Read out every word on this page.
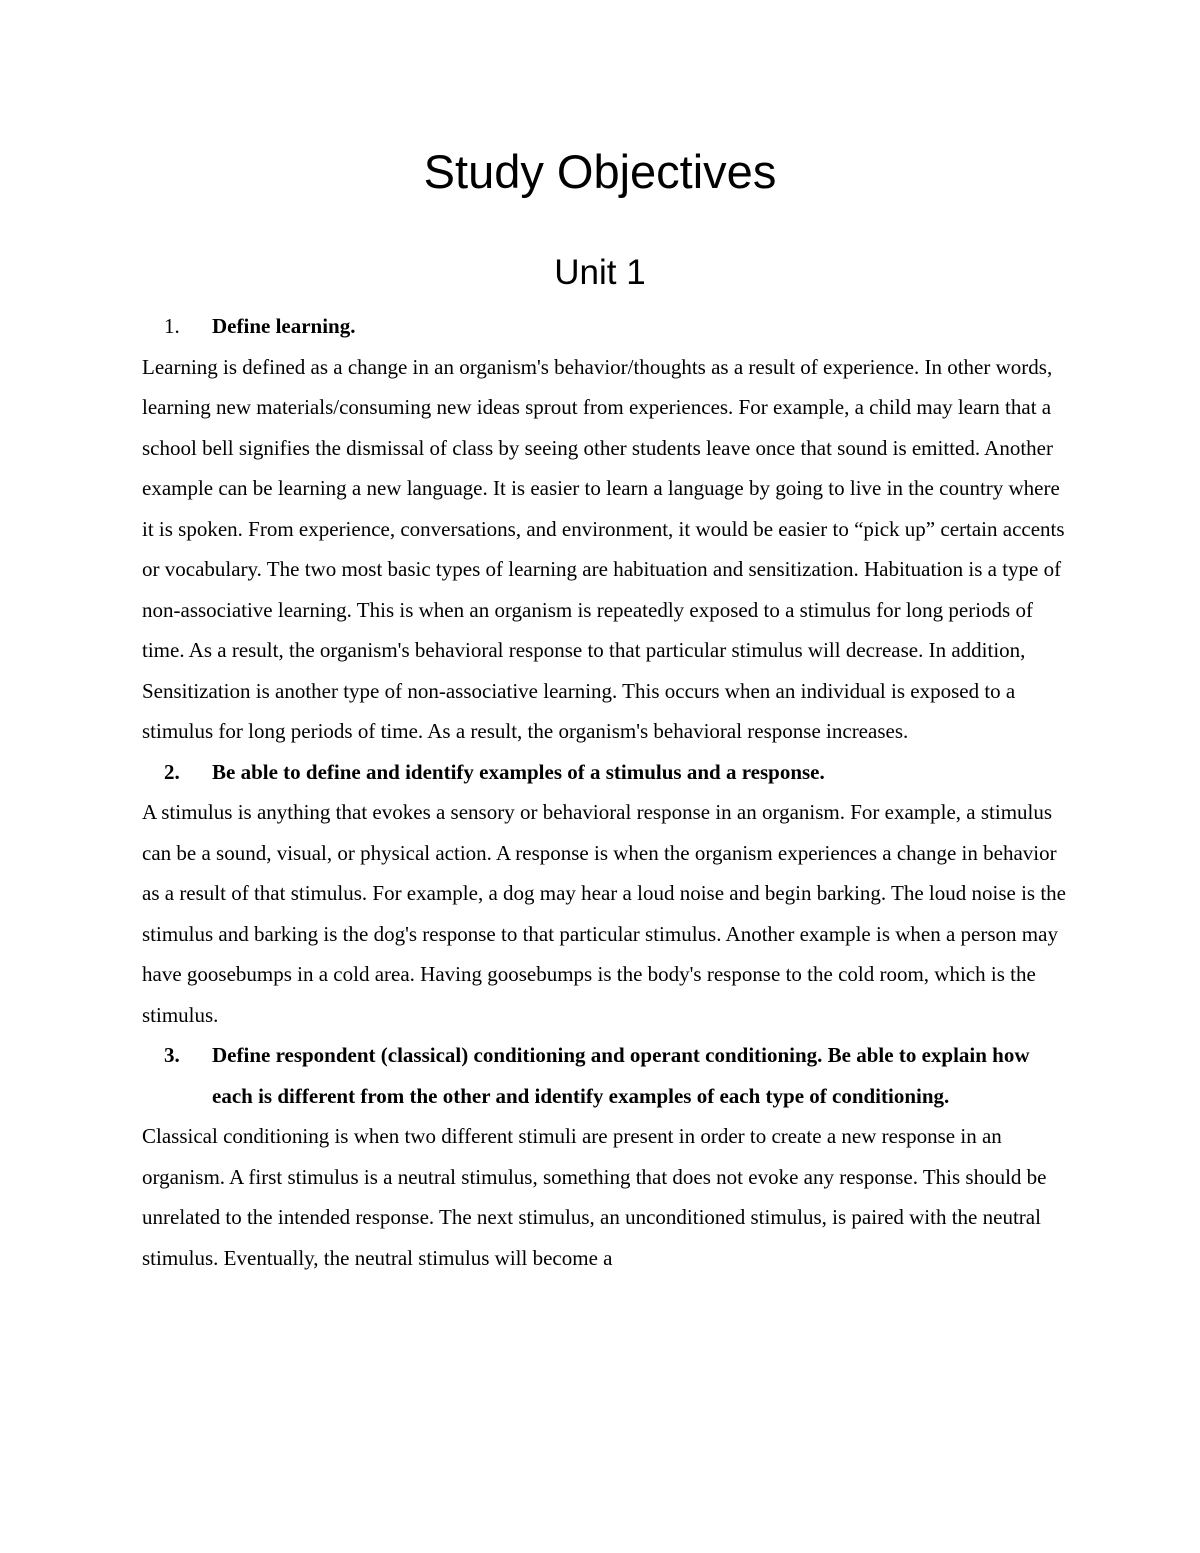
Study Objectives
Unit 1
1.	Define learning.

Learning is defined as a change in an organism's behavior/thoughts as a result of experience. In other words, learning new materials/consuming new ideas sprout from experiences. For example, a child may learn that a school bell signifies the dismissal of class by seeing other students leave once that sound is emitted. Another example can be learning a new language. It is easier to learn a language by going to live in the country where it is spoken. From experience, conversations, and environment, it would be easier to “pick up” certain accents or vocabulary. The two most basic types of learning are habituation and sensitization. Habituation is a type of non-associative learning. This is when an organism is repeatedly exposed to a stimulus for long periods of time. As a result, the organism's behavioral response to that particular stimulus will decrease. In addition, Sensitization is another type of non-associative learning. This occurs when an individual is exposed to a stimulus for long periods of time. As a result, the organism's behavioral response increases.

2.	Be able to define and identify examples of a stimulus and a response.

A stimulus is anything that evokes a sensory or behavioral response in an organism. For example, a stimulus can be a sound, visual, or physical action. A response is when the organism experiences a change in behavior as a result of that stimulus. For example, a dog may hear a loud noise and begin barking. The loud noise is the stimulus and barking is the dog's response to that particular stimulus. Another example is when a person may have goosebumps in a cold area. Having goosebumps is the body's response to the cold room, which is the stimulus.

3.	Define respondent (classical) conditioning and operant conditioning. Be able to explain how each is different from the other and identify examples of each type of conditioning.

Classical conditioning is when two different stimuli are present in order to create a new response in an organism. A first stimulus is a neutral stimulus, something that does not evoke any response. This should be unrelated to the intended response. The next stimulus, an unconditioned stimulus, is paired with the neutral stimulus. Eventually, the neutral stimulus will become a
